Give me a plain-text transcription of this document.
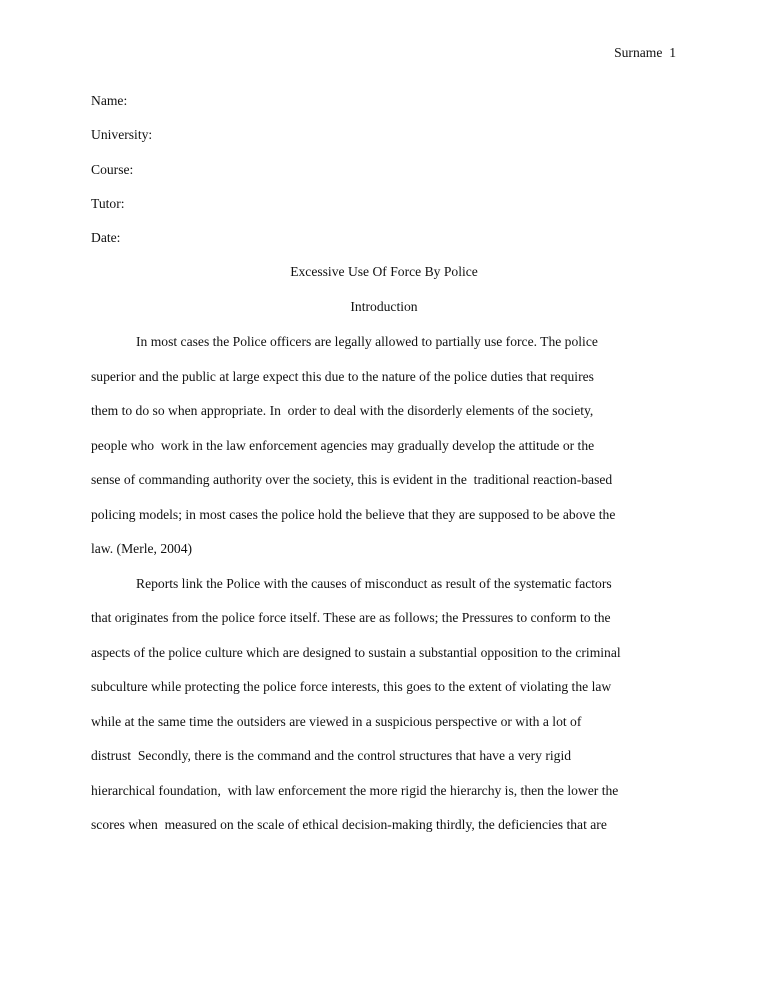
Surname  1
Name:
University:
Course:
Tutor:
Date:
Excessive Use Of Force By Police
Introduction
In most cases the Police officers are legally allowed to partially use force. The police
superior and the public at large expect this due to the nature of the police duties that requires
them to do so when appropriate. In  order to deal with the disorderly elements of the society,
people who  work in the law enforcement agencies may gradually develop the attitude or the
sense of commanding authority over the society, this is evident in the  traditional reaction-based
policing models; in most cases the police hold the believe that they are supposed to be above the
law. (Merle, 2004)
Reports link the Police with the causes of misconduct as result of the systematic factors
that originates from the police force itself. These are as follows; the Pressures to conform to the
aspects of the police culture which are designed to sustain a substantial opposition to the criminal
subculture while protecting the police force interests, this goes to the extent of violating the law
while at the same time the outsiders are viewed in a suspicious perspective or with a lot of
distrust  Secondly, there is the command and the control structures that have a very rigid
hierarchical foundation,  with law enforcement the more rigid the hierarchy is, then the lower the
scores when  measured on the scale of ethical decision-making thirdly, the deficiencies that are
